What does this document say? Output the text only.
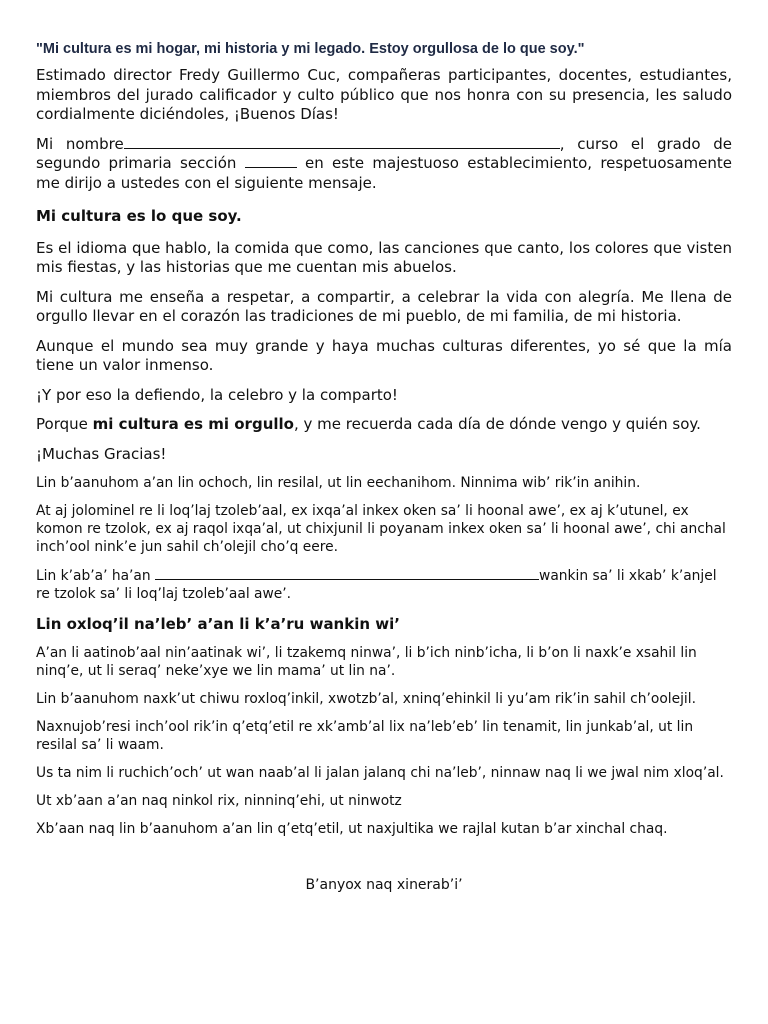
"Mi cultura es mi hogar, mi historia y mi legado. Estoy orgullosa de lo que soy."

Estimado director Fredy Guillermo Cuc, compañeras participantes, docentes, estudiantes, miembros del jurado calificador y culto público que nos honra con su presencia, les saludo cordialmente diciéndoles, ¡Buenos Días!

Mi nombre	, curso el grado de segundo primaria sección	en este majestuoso establecimiento, respetuosamente me dirijo a ustedes con el siguiente mensaje.

Mi cultura es lo que soy.

Es el idioma que hablo, la comida que como, las canciones que canto, los colores que visten mis fiestas, y las historias que me cuentan mis abuelos.

Mi cultura me enseña a respetar, a compartir, a celebrar la vida con alegría. Me llena de orgullo llevar en el corazón las tradiciones de mi pueblo, de mi familia, de mi historia.

Aunque el mundo sea muy grande y haya muchas culturas diferentes, yo sé que la mía tiene un valor inmenso.

¡Y por eso la defiendo, la celebro y la comparto!

Porque mi cultura es mi orgullo, y me recuerda cada día de dónde vengo y quién soy.

¡Muchas Gracias!

Lin b’aanuhom a’an lin ochoch, lin resilal, ut lin eechanihom. Ninnima wib’ rik’in anihin.

At aj jolominel re li loq’laj tzoleb’aal, ex ixqa’al inkex oken sa’ li hoonal awe’, ex aj k’utunel, ex komon re tzolok, ex aj raqol ixqa’al, ut chixjunil li poyanam inkex oken sa’ li hoonal awe’, chi anchal inch’ool nink’e jun sahil ch’olejil cho’q eere.

Lin k’ab’a’ ha’an	wankin sa’ li xkab’ k’anjel re tzolok sa’ li loq’laj tzoleb’aal awe’.

Lin oxloq’il na’leb’ a’an li k’a’ru wankin wi’

A’an li aatinob’aal nin’aatinak wi’, li tzakemq ninwa’, li b’ich ninb’icha, li b’on li naxk’e xsahil lin ninq’e, ut li seraq’ neke’xye we lin mama’ ut lin na’.

Lin b’aanuhom naxk’ut chiwu roxloq’inkil, xwotzb’al, xninq’ehinkil li yu’am rik’in sahil ch’oolejil.

Naxnujob’resi inch’ool rik’in q’etq’etil re xk’amb’al lix na’leb’eb’ lin tenamit, lin junkab’al, ut lin resilal sa’ li waam.

Us ta nim li ruchich’och’ ut wan naab’al li jalan jalanq chi na’leb’, ninnaw naq li we jwal nim xloq’al.

Ut xb’aan a’an naq ninkol rix, ninninq’ehi, ut ninwotz

Xb’aan naq lin b’aanuhom a’an lin q’etq’etil, ut naxjultika we rajlal kutan b’ar xinchal chaq.

B’anyox naq xinerab’i’
